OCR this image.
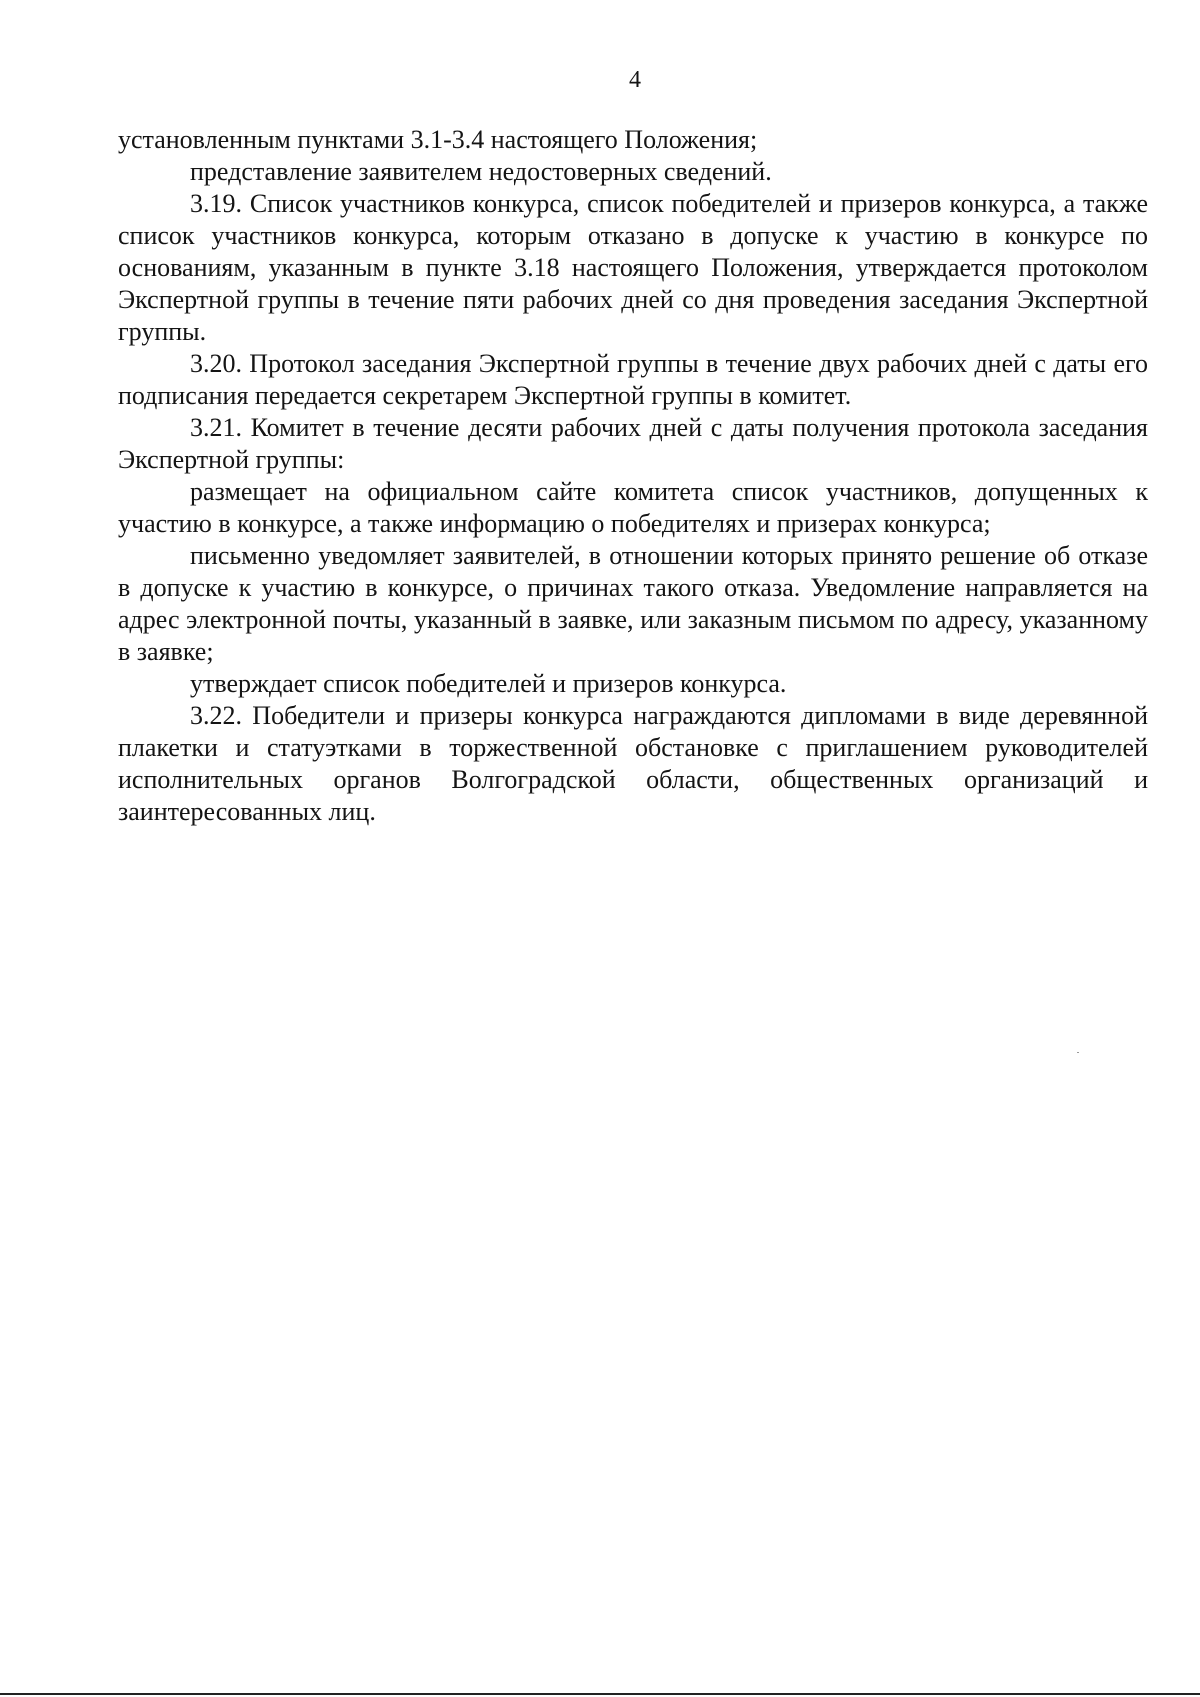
4

установленным пунктами 3.1-3.4 настоящего Положения;

представление заявителем недостоверных сведений.

3.19. Список участников конкурса, список победителей и призеров конкурса, а также список участников конкурса, которым отказано в допуске к участию в конкурсе по основаниям, указанным в пункте 3.18 настоящего Положения, утверждается протоколом Экспертной группы в течение пяти рабочих дней со дня проведения заседания Экспертной группы.

3.20. Протокол заседания Экспертной группы в течение двух рабочих дней с даты его подписания передается секретарем Экспертной группы в комитет.

3.21. Комитет в течение десяти рабочих дней с даты получения протокола заседания Экспертной группы:

размещает на официальном сайте комитета список участников, допущенных к участию в конкурсе, а также информацию о победителях и призерах конкурса;

письменно уведомляет заявителей, в отношении которых принято решение об отказе в допуске к участию в конкурсе, о причинах такого отказа. Уведомление направляется на адрес электронной почты, указанный в заявке, или заказным письмом по адресу, указанному в заявке;

утверждает список победителей и призеров конкурса.

3.22. Победители и призеры конкурса награждаются дипломами в виде деревянной плакетки и статуэтками в торжественной обстановке с приглашением руководителей исполнительных органов Волгоградской области, общественных организаций и заинтересованных лиц.
